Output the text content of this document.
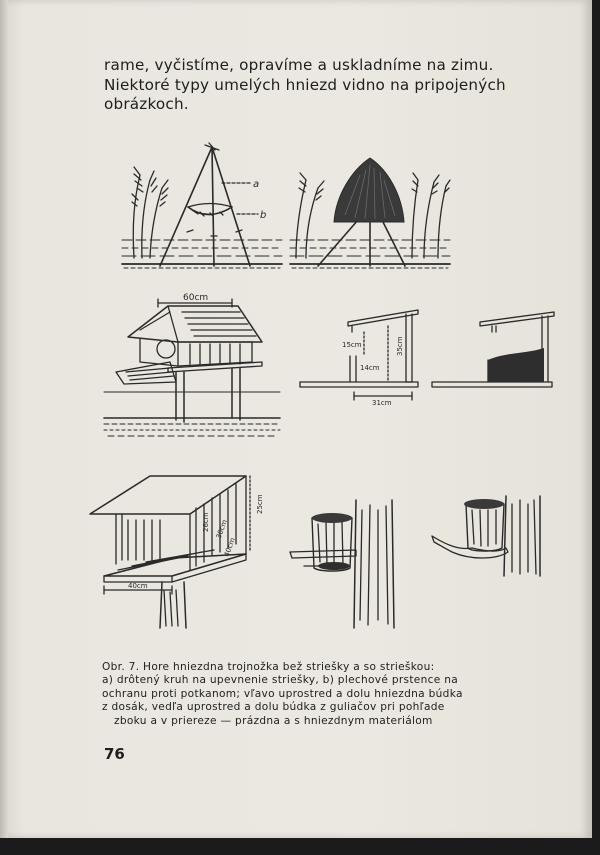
rame, vyčistíme, opravíme a uskladníme na zimu.
Niektoré typy umelých hniezd vidno na pripojených
obrázkoch.
a
b
60cm
15cm
14cm
35cm
31cm
25cm
26cm 30cm
40cm
40cm
Obr. 7. Hore hniezdna trojnožka bež striešky a so strieškou:
a) drôtený kruh na upevnenie striešky, b) plechové prstence na
ochranu proti potkanom; vľavo uprostred a dolu hniezdna búdka
z dosák, vedľa uprostred a dolu búdka z guliačov pri pohľade
zboku a v priereze — prázdna a s hniezdnym materiálom
76
